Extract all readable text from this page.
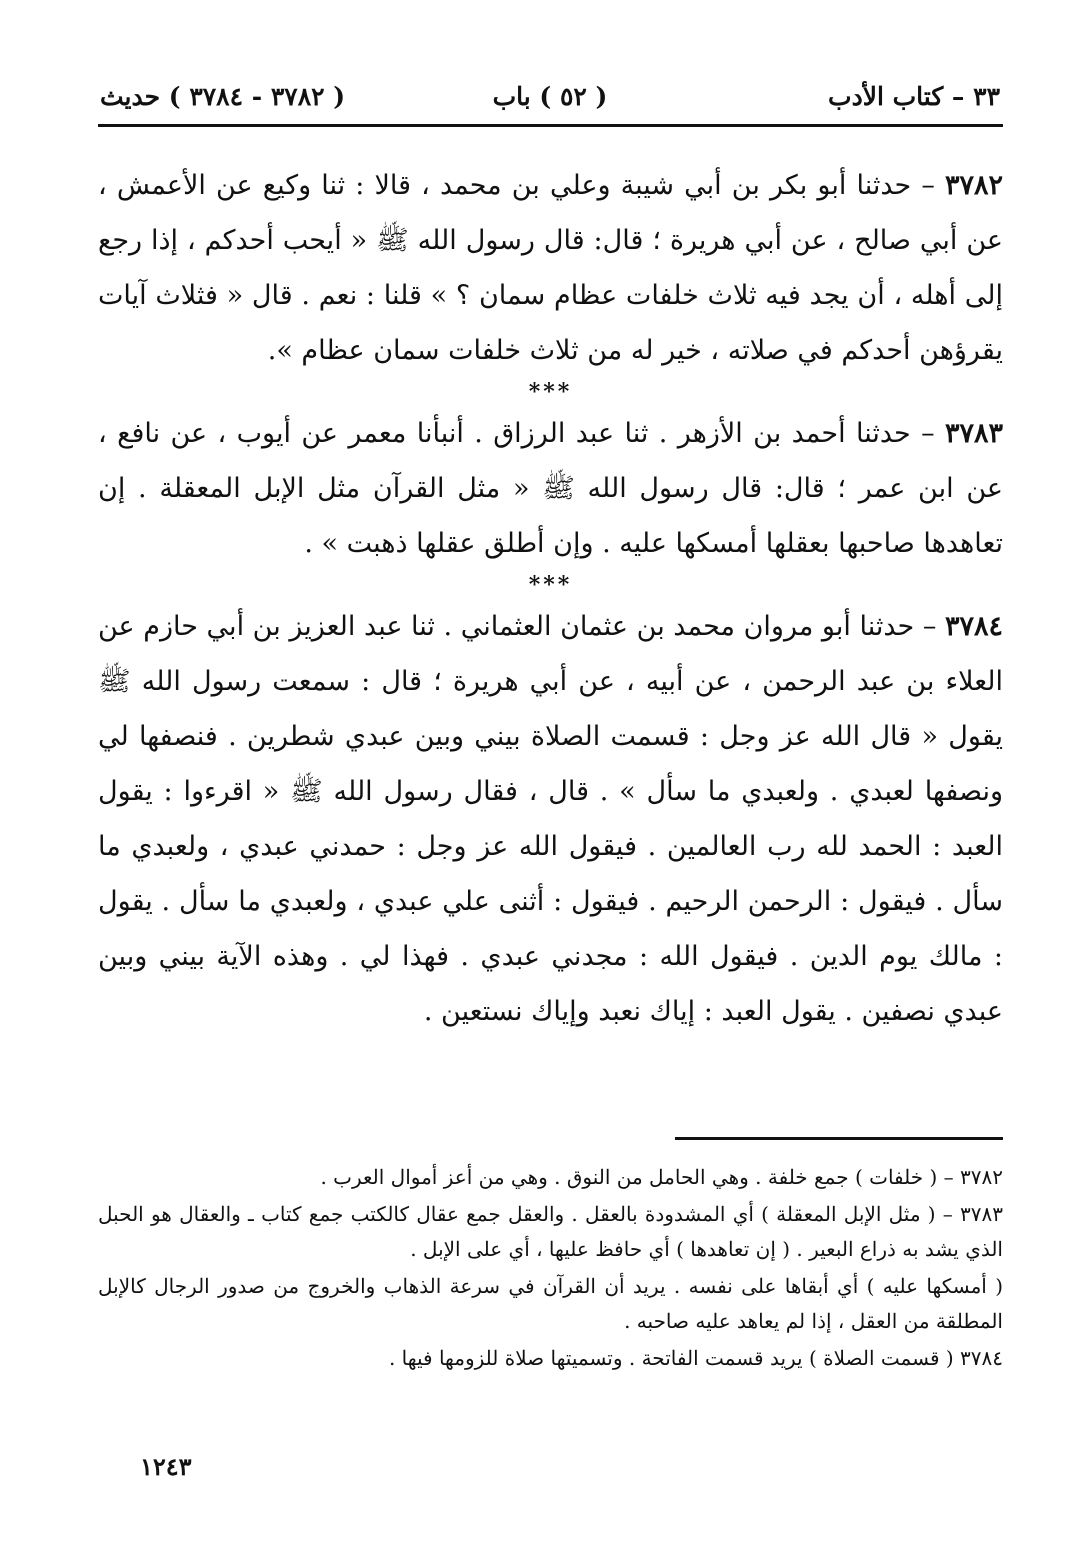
٣٣ – كتاب الأدب
( ٥٢ ) باب
( ٣٧٨٢ - ٣٧٨٤ ) حديث

٣٧٨٢ – حدثنا أبو بكر بن أبي شيبة وعلي بن محمد ، قالا : ثنا وكيع عن الأعمش ، عن أبي صالح ، عن أبي هريرة ؛ قال: قال رسول الله ﷺ « أيحب أحدكم ، إذا رجع إلى أهله ، أن يجد فيه ثلاث خلفات عظام سمان ؟ » قلنا : نعم . قال « فثلاث آيات يقرؤهن أحدكم في صلاته ، خير له من ثلاث خلفات سمان عظام ».

***

٣٧٨٣ – حدثنا أحمد بن الأزهر . ثنا عبد الرزاق . أنبأنا معمر عن أيوب ، عن نافع ، عن ابن عمر ؛ قال: قال رسول الله ﷺ « مثل القرآن مثل الإبل المعقلة . إن تعاهدها صاحبها بعقلها أمسكها عليه . وإن أطلق عقلها ذهبت » .

***

٣٧٨٤ – حدثنا أبو مروان محمد بن عثمان العثماني . ثنا عبد العزيز بن أبي حازم عن العلاء بن عبد الرحمن ، عن أبيه ، عن أبي هريرة ؛ قال : سمعت رسول الله ﷺ يقول « قال الله عز وجل : قسمت الصلاة بيني وبين عبدي شطرين . فنصفها لي ونصفها لعبدي . ولعبدي ما سأل » . قال ، فقال رسول الله ﷺ « اقرءوا : يقول العبد : الحمد لله رب العالمين . فيقول الله عز وجل : حمدني عبدي ، ولعبدي ما سأل . فيقول : الرحمن الرحيم . فيقول : أثنى علي عبدي ، ولعبدي ما سأل . يقول : مالك يوم الدين . فيقول الله : مجدني عبدي . فهذا لي . وهذه الآية بيني وبين عبدي نصفين . يقول العبد : إياك نعبد وإياك نستعين .

٣٧٨٢ – ( خلفات ) جمع خلفة . وهي الحامل من النوق . وهي من أعز أموال العرب .

٣٧٨٣ – ( مثل الإبل المعقلة ) أي المشدودة بالعقل . والعقل جمع عقال كالكتب جمع كتاب ـ والعقال هو الحبل الذي يشد به ذراع البعير . ( إن تعاهدها ) أي حافظ عليها ، أي على الإبل .

( أمسكها عليه ) أي أبقاها على نفسه . يريد أن القرآن في سرعة الذهاب والخروج من صدور الرجال كالإبل المطلقة من العقل ، إذا لم يعاهد عليه صاحبه .

٣٧٨٤ ( قسمت الصلاة ) يريد قسمت الفاتحة . وتسميتها صلاة للزومها فيها .

١٢٤٣
